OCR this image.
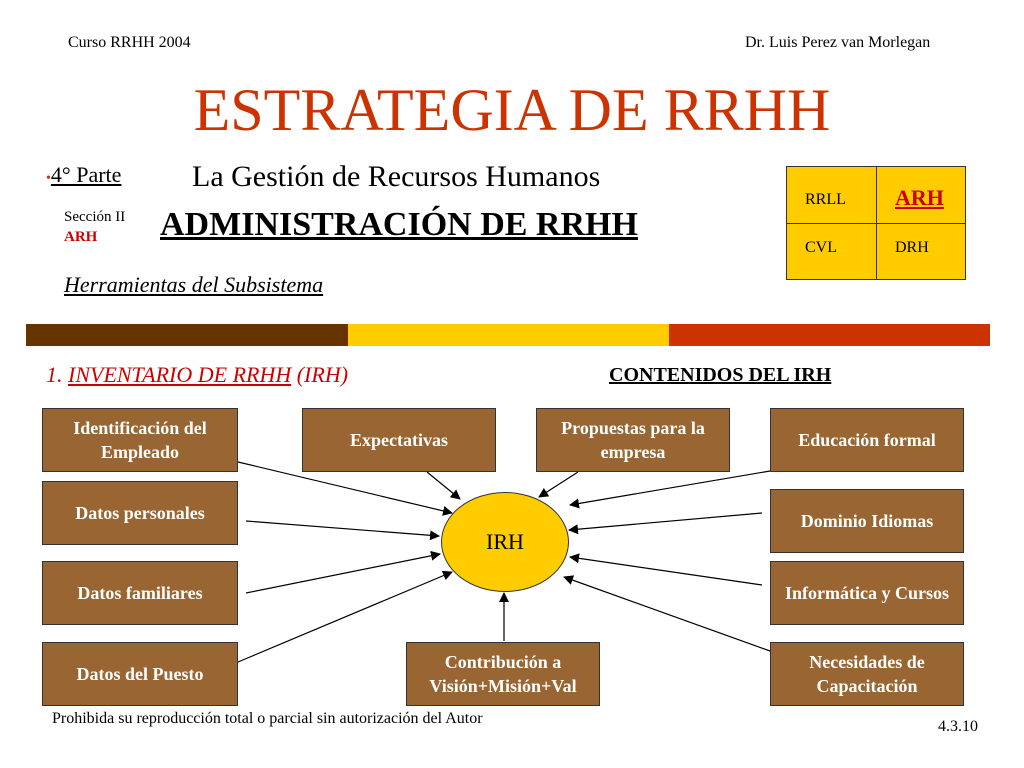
Curso RRHH 2004	Dr. Luis Perez van Morlegan
ESTRATEGIA DE RRHH
•4° Parte La Gestión de Recursos Humanos
Sección II
ARH	ADMINISTRACIÓN DE RRHH
Herramientas del Subsistema
RRLL ARH
CVL	DRH
1. INVENTARIO DE RRHH (IRH)	CONTENIDOS DEL IRH
Identificación del Empleado
Datos personales
Datos familiares
Datos del Puesto
Expectativas
Propuestas para la empresa
IRH
Contribución a Visión+Misión+Val
Educación formal
Dominio Idiomas
Informática y Cursos
Necesidades de Capacitación
Prohibida su reproducción total o parcial sin autorización del Autor	4.3.10
